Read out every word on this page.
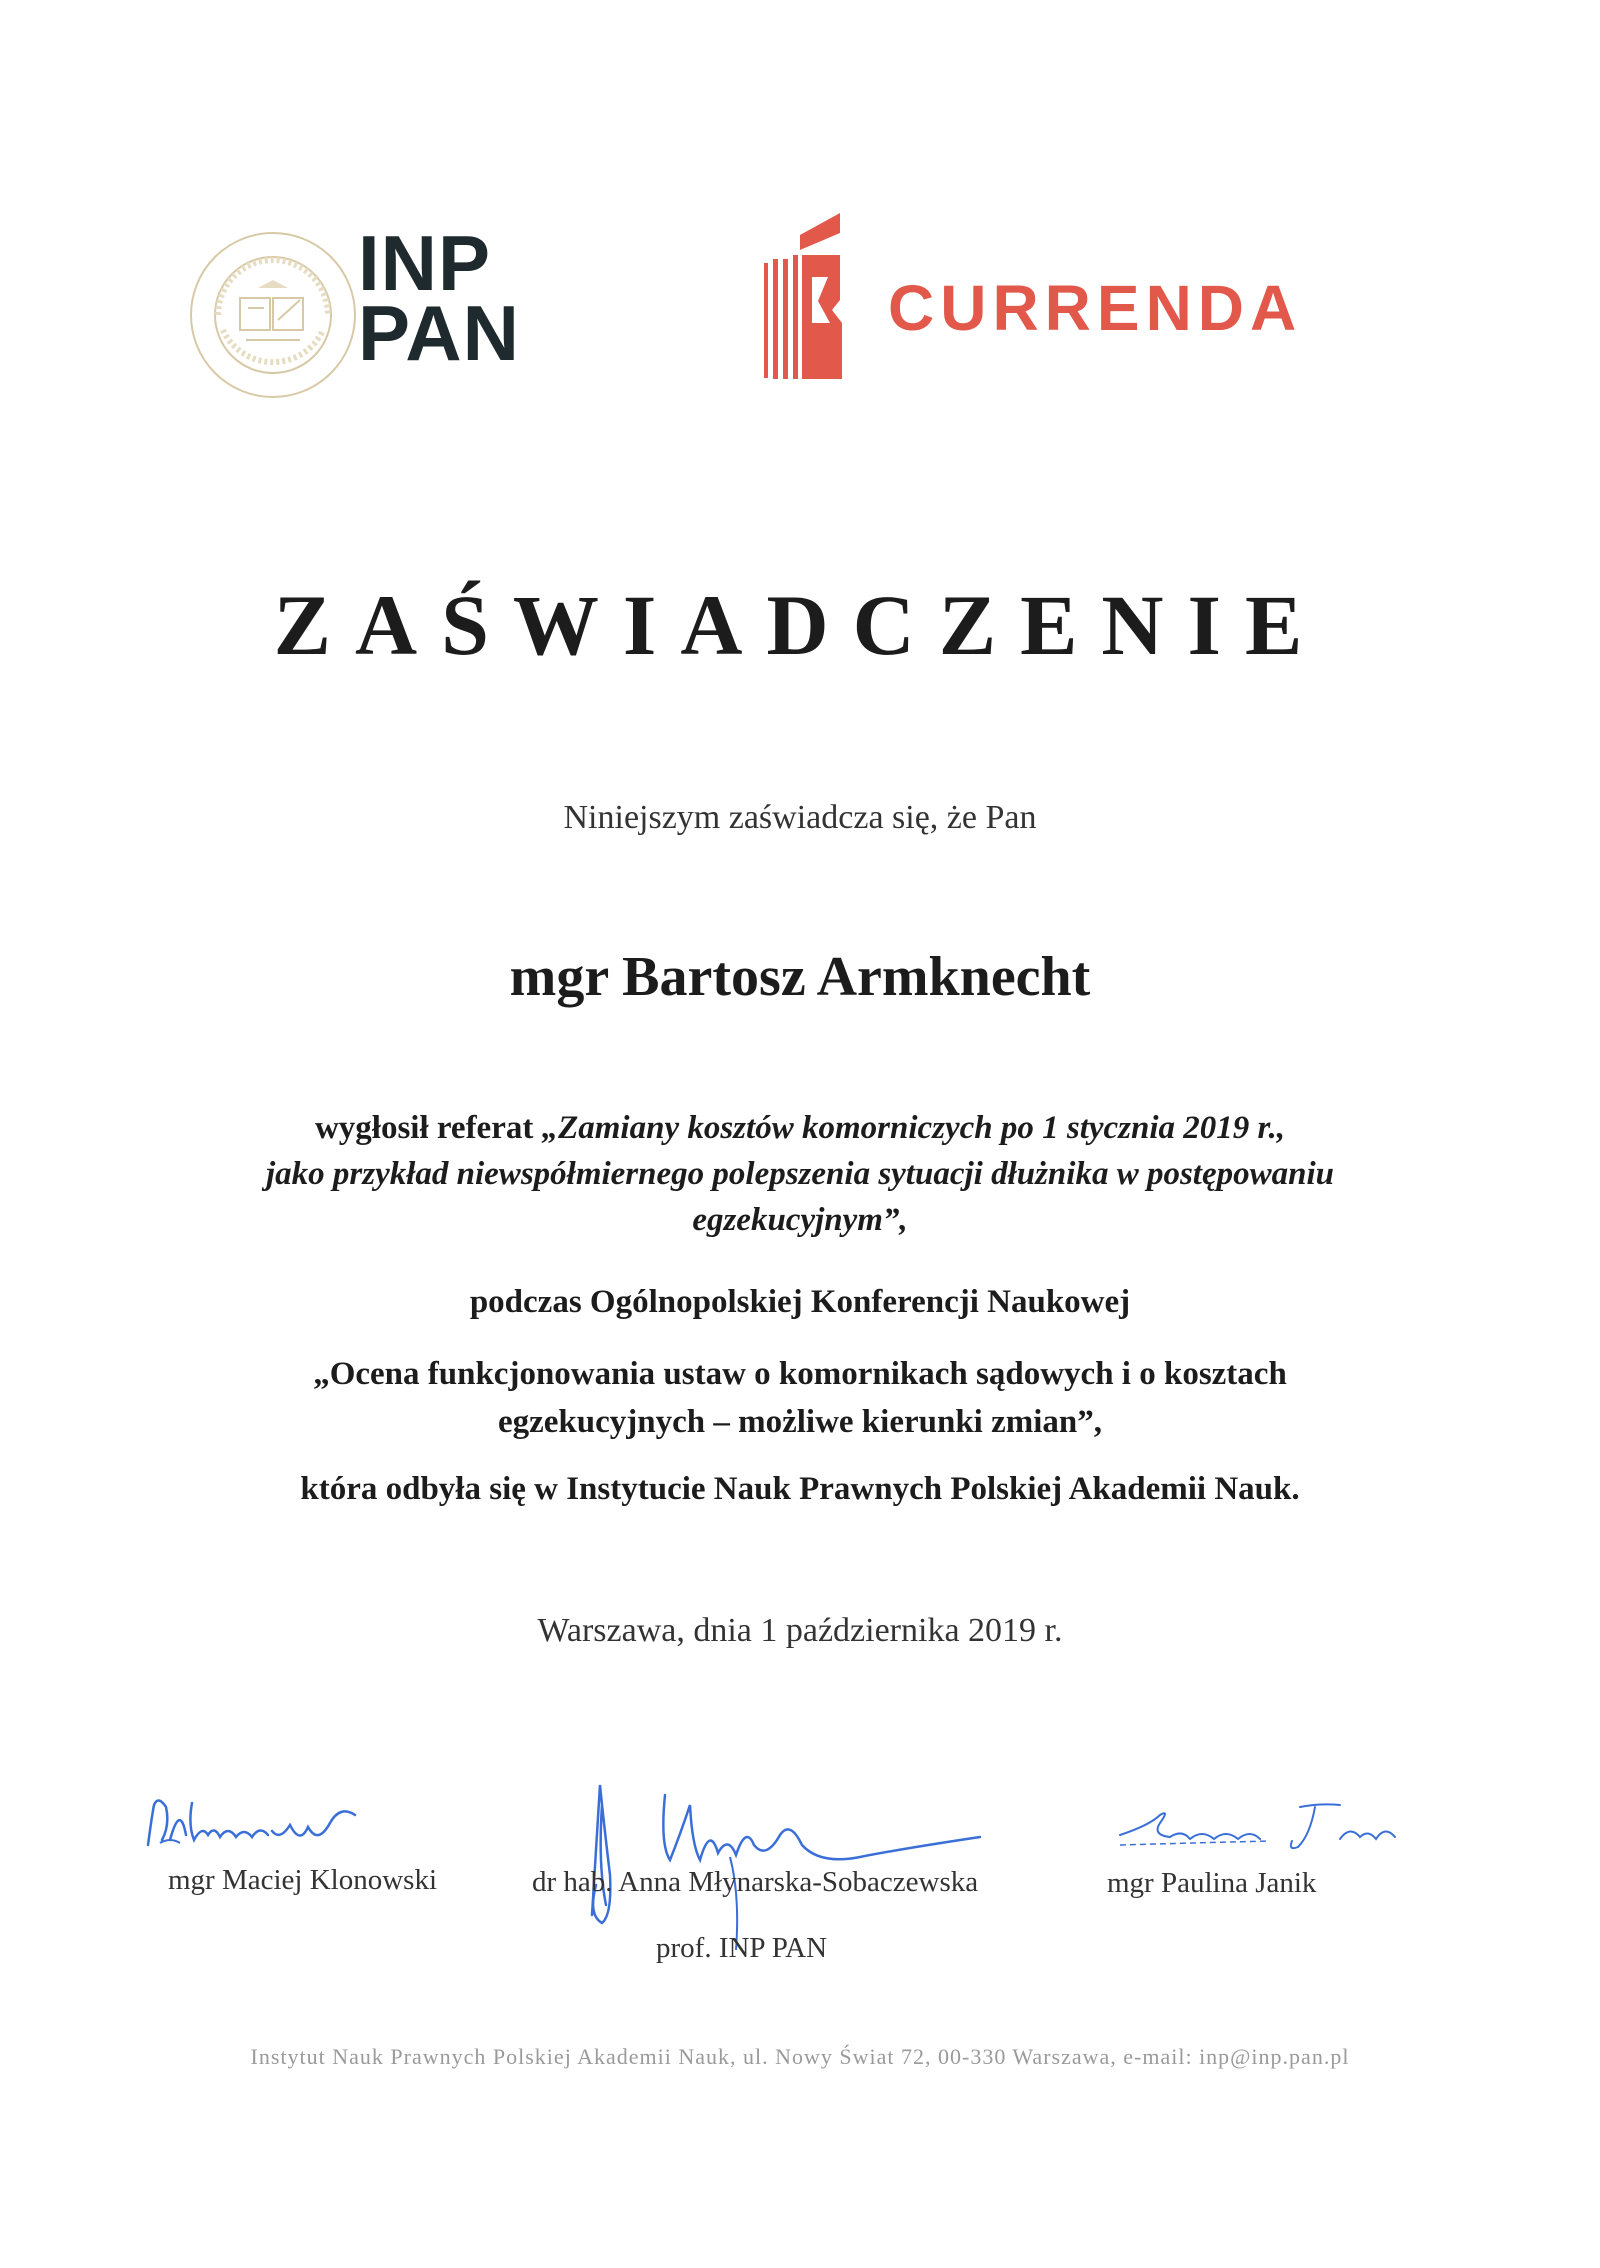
INP
PAN	CURRENDA
ZAŚWIADCZENIE
Niniejszym zaświadcza się, że Pan
mgr Bartosz Armknecht
wygłosił referat „Zamiany kosztów komorniczych po 1 stycznia 2019 r.,
jako przykład niewspółmiernego polepszenia sytuacji dłużnika w postępowaniu
egzekucyjnym”,
podczas Ogólnopolskiej Konferencji Naukowej
„Ocena funkcjonowania ustaw o komornikach sądowych i o kosztach
egzekucyjnych – możliwe kierunki zmian”,
która odbyła się w Instytucie Nauk Prawnych Polskiej Akademii Nauk.
Warszawa, dnia 1 października 2019 r.
mgr Maciej Klonowski	dr hab. Anna Młynarska-Sobaczewska
prof. INP PAN
mgr Paulina Janik
Instytut Nauk Prawnych Polskiej Akademii Nauk, ul. Nowy Świat 72, 00-330 Warszawa, e-mail: inp@inp.pan.pl
